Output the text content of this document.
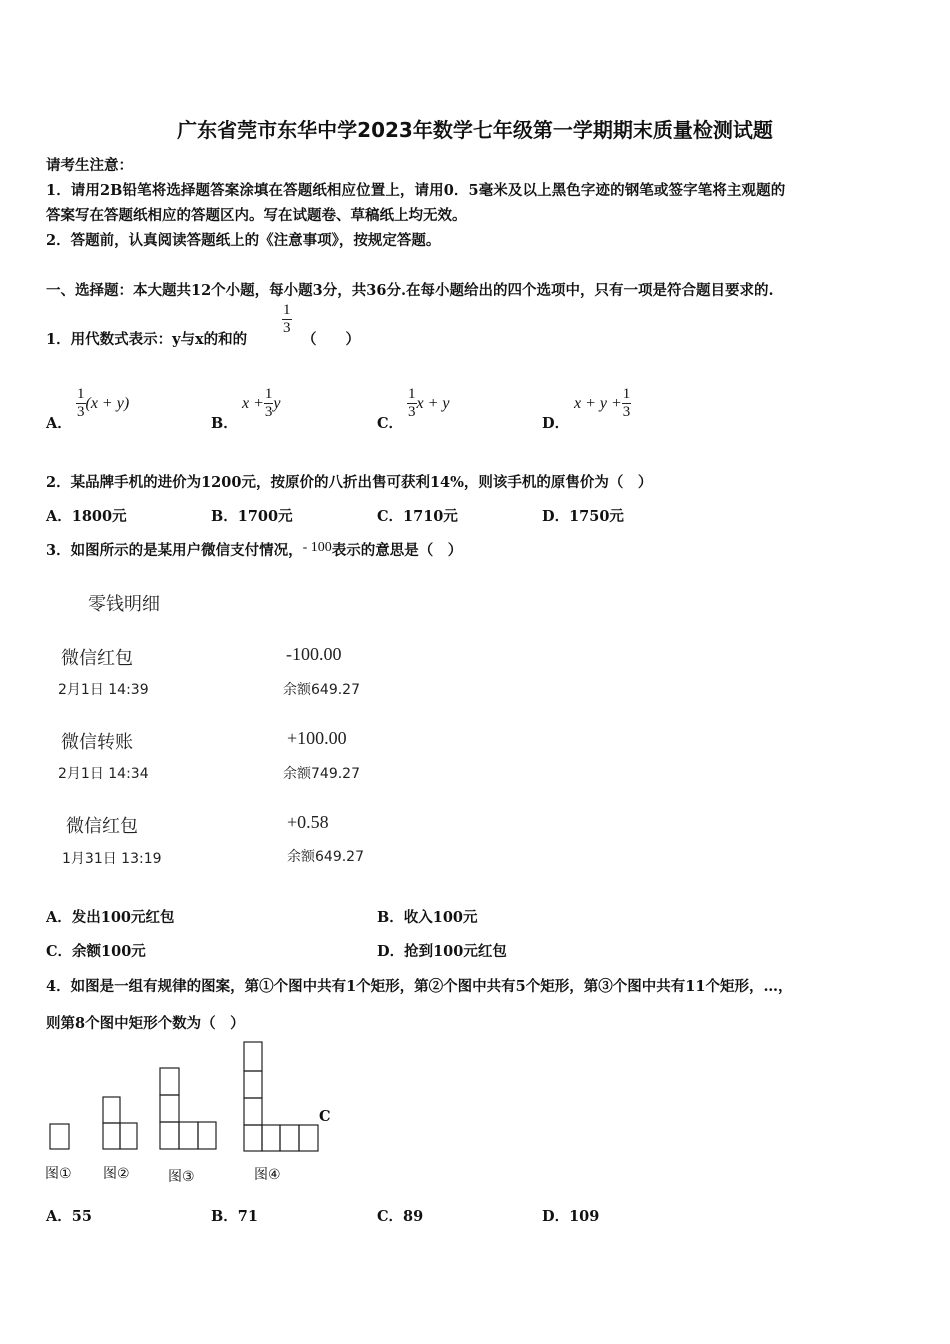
广东省莞市东华中学2023年数学七年级第一学期期末质量检测试题
请考生注意：
1．请用2B铅笔将选择题答案涂填在答题纸相应位置上，请用0．5毫米及以上黑色字迹的钢笔或签字笔将主观题的
答案写在答题纸相应的答题区内。写在试题卷、草稿纸上均无效。
2．答题前，认真阅读答题纸上的《注意事项》，按规定答题。
一、选择题：本大题共12个小题，每小题3分，共36分.在每小题给出的四个选项中，只有一项是符合题目要求的.
1．用代数式表示：y与x的和的
$\frac{1}{3}$
（　　）
A．
$\frac{1}{3} (x + y)$
B．
$x + \frac{1}{3}$ y
C．
$\frac{1}{3}$ x + y
D．
$x + y + \frac{1}{3}$
2．某品牌手机的进价为1200元，按原价的八折出售可获利14%，则该手机的原售价为（　）
A．1800元	B．1700元	C．1710元	D．1750元
3．如图所示的是某用户微信支付情况，- 100表示的意思是（　）
零钱明细
微信红包	-100.00
2月1日 14:39	余额649.27
微信转账	+100.00
2月1日 14:34	余额749.27
微信红包	+0.58
1月31日 13:19	余额649.27
A．发出100元红包	B．收入100元
C．余额100元	D．抢到100元红包
4．如图是一组有规律的图案，第①个图中共有1个矩形，第②个图中共有5个矩形，第③个图中共有11个矩形，…，
则第8个图中矩形个数为（　）
C
图① 图②	图③	图④
A．55	B．71	C．89	D．109
